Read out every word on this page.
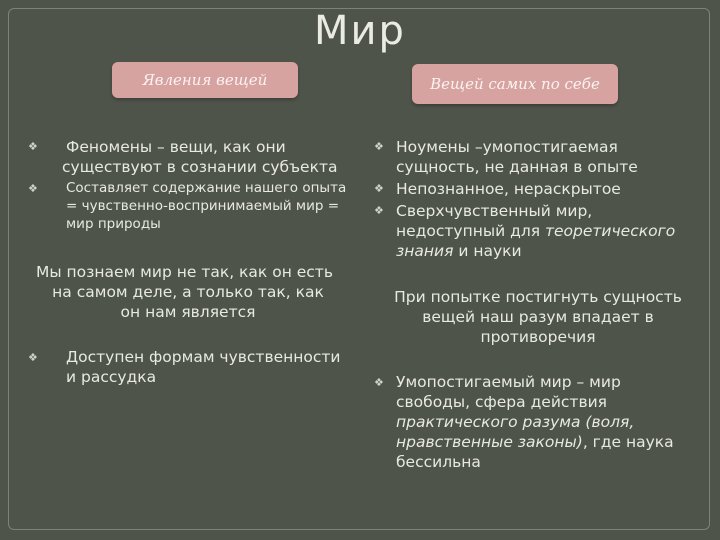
Мир
Явления вещей	Вещей самих по себе
❖ Феномены – вещи, как они
существуют в сознании субъекта
❖ Составляет содержание нашего опыта
= чувственно-воспринимаемый мир =
мир природы
Мы познаем мир не так, как он есть
на самом деле, а только так, как
он нам является
❖ Доступен формам чувственности
и рассудка
❖ Ноумены –умопостигаемая
сущность, не данная в опыте
❖ Непознанное, нераскрытое
❖ Сверхчувственный мир,
недоступный для теоретического
знания и науки
При попытке постигнуть сущность
вещей наш разум впадает в
противоречия
❖ Умопостигаемый мир – мир
свободы, сфера действия
практического разума (воля,
нравственные законы), где наука
бессильна
